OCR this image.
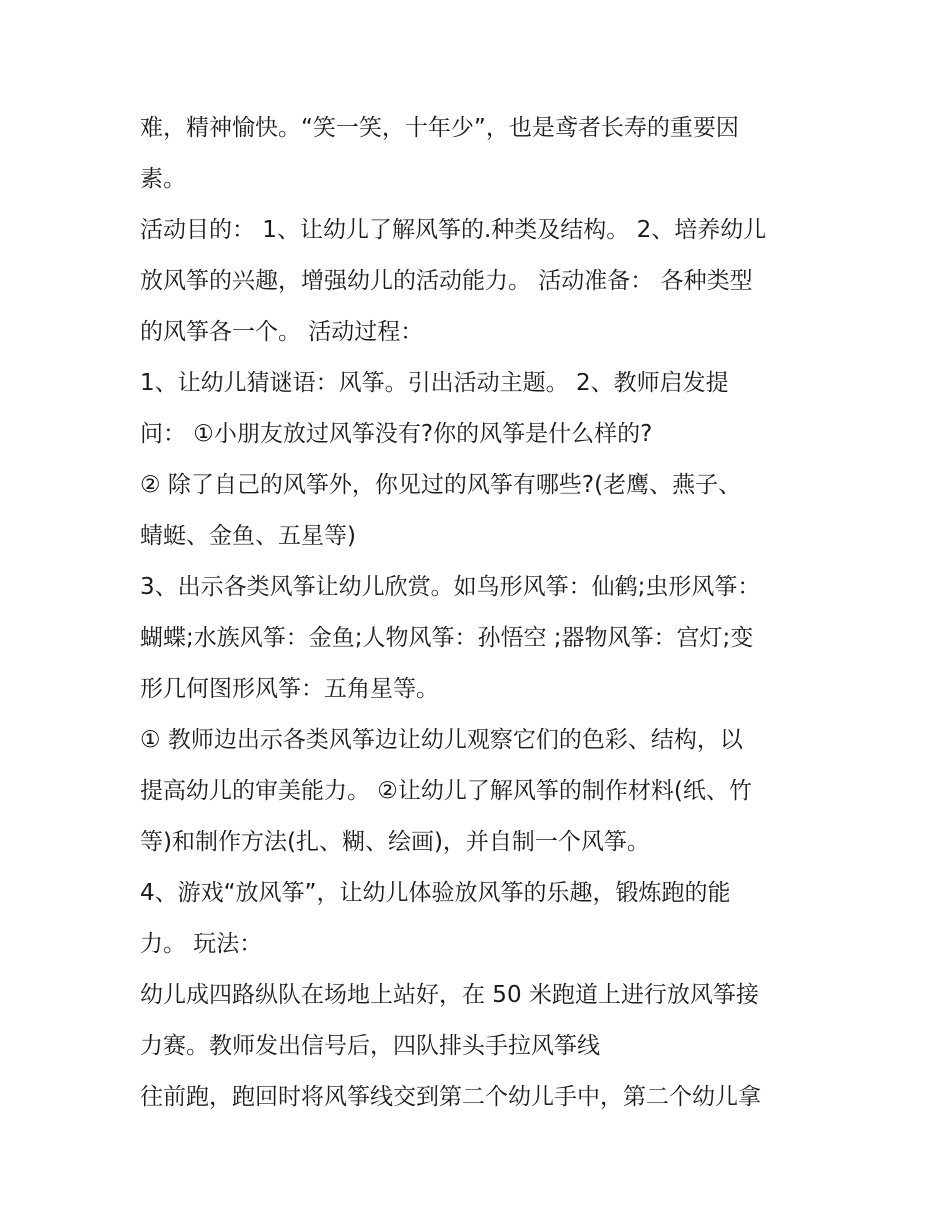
难，精神愉快。“笑一笑，十年少”，也是鸢者长寿的重要因
素。
活动目的： 1、让幼儿了解风筝的.种类及结构。 2、培养幼儿
放风筝的兴趣，增强幼儿的活动能力。 活动准备： 各种类型
的风筝各一个。 活动过程：
1、让幼儿猜谜语：风筝。引出活动主题。 2、教师启发提
问： ①小朋友放过风筝没有?你的风筝是什么样的?
② 除了自己的风筝外，你见过的风筝有哪些?(老鹰、燕子、
蜻蜓、金鱼、五星等)
3、出示各类风筝让幼儿欣赏。如鸟形风筝：仙鹤;虫形风筝：
蝴蝶;水族风筝：金鱼;人物风筝：孙悟空 ;器物风筝：宫灯;变
形几何图形风筝：五角星等。
① 教师边出示各类风筝边让幼儿观察它们的色彩、结构，以
提高幼儿的审美能力。 ②让幼儿了解风筝的制作材料(纸、竹
等)和制作方法(扎、糊、绘画)，并自制一个风筝。
4、游戏“放风筝”，让幼儿体验放风筝的乐趣，锻炼跑的能
力。 玩法：
幼儿成四路纵队在场地上站好，在 50 米跑道上进行放风筝接
力赛。教师发出信号后，四队排头手拉风筝线
往前跑，跑回时将风筝线交到第二个幼儿手中，第二个幼儿拿
